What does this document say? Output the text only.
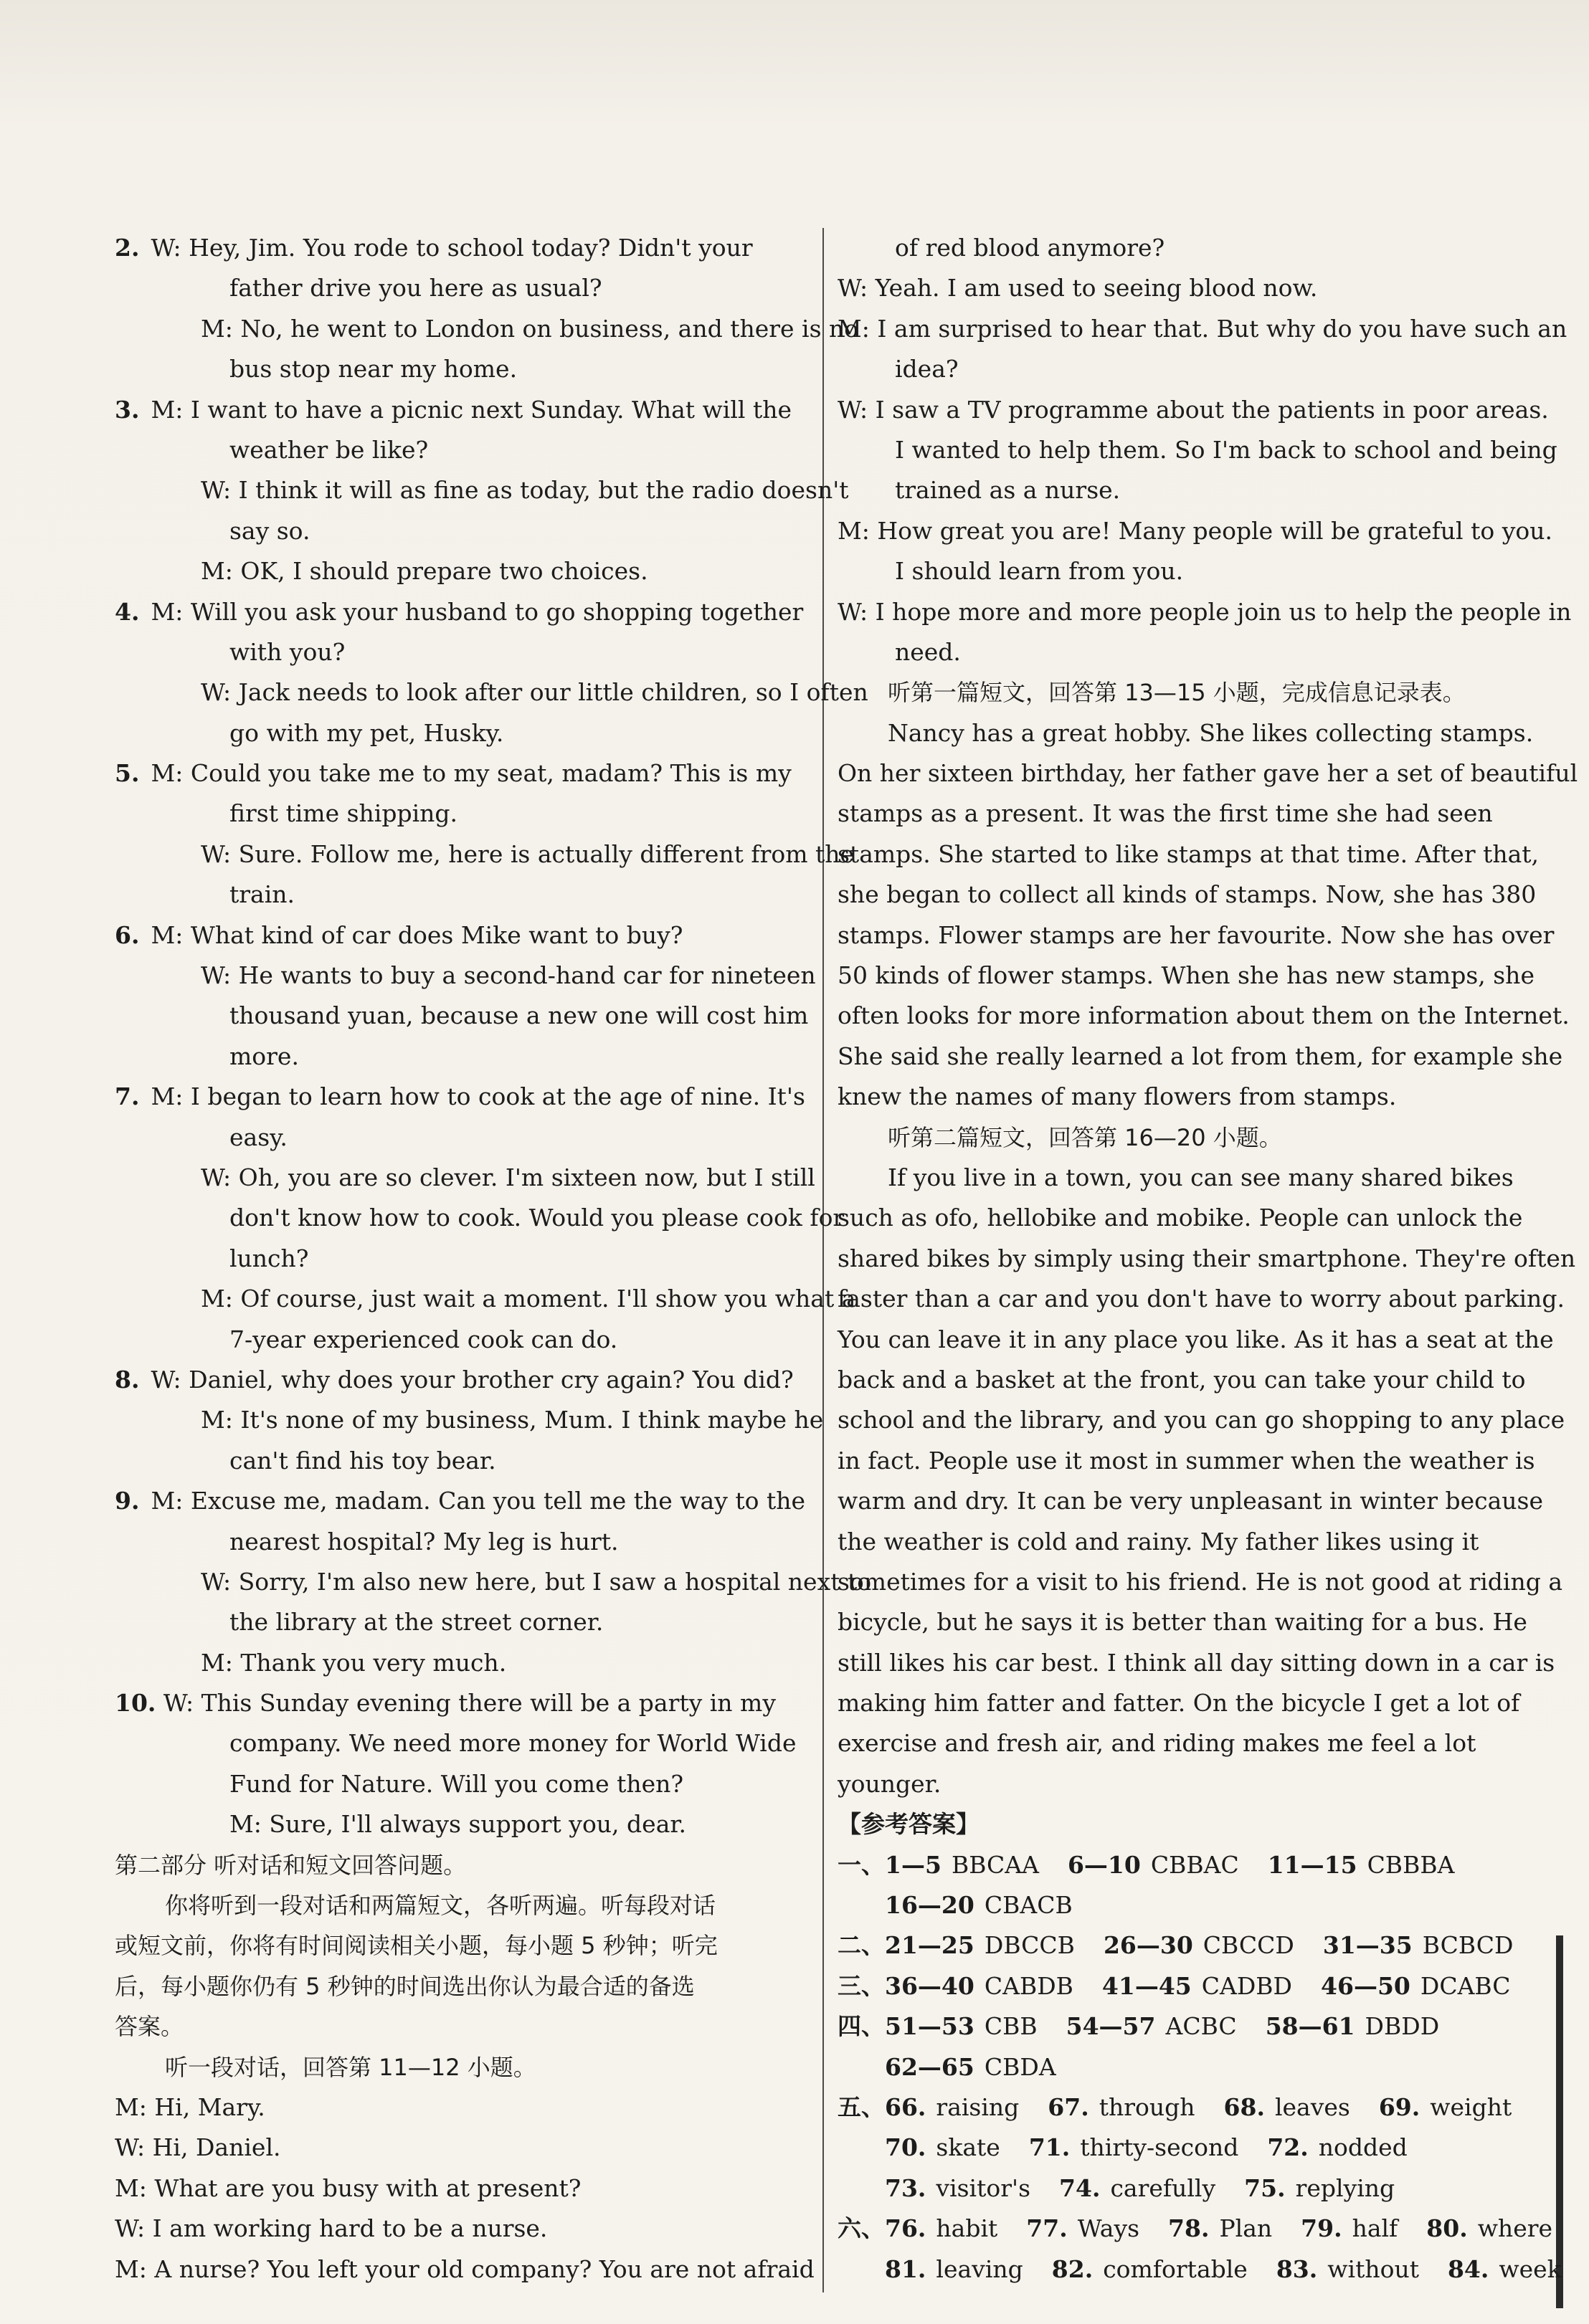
2. W: Hey, Jim. You rode to school today? Didn't your
father drive you here as usual?
M: No, he went to London on business, and there is no
bus stop near my home.
3. M: I want to have a picnic next Sunday. What will the
weather be like?
W: I think it will as fine as today, but the radio doesn't
say so.
M: OK, I should prepare two choices.
4. M: Will you ask your husband to go shopping together
with you?
W: Jack needs to look after our little children, so I often
go with my pet, Husky.
5. M: Could you take me to my seat, madam? This is my
first time shipping.
W: Sure. Follow me, here is actually different from the
train.
6. M: What kind of car does Mike want to buy?
W: He wants to buy a second-hand car for nineteen
thousand yuan, because a new one will cost him
more.
7. M: I began to learn how to cook at the age of nine. It's
easy.
W: Oh, you are so clever. I'm sixteen now, but I still
don't know how to cook. Would you please cook for
lunch?
M: Of course, just wait a moment. I'll show you what a
7-year experienced cook can do.
8. W: Daniel, why does your brother cry again? You did?
M: It's none of my business, Mum. I think maybe he
can't find his toy bear.
9. M: Excuse me, madam. Can you tell me the way to the
nearest hospital? My leg is hurt.
W: Sorry, I'm also new here, but I saw a hospital next to
the library at the street corner.
M: Thank you very much.
10. W: This Sunday evening there will be a party in my
company. We need more money for World Wide
Fund for Nature. Will you come then?
M: Sure, I'll always support you, dear.
第二部分 听对话和短文回答问题。
你将听到一段对话和两篇短文，各听两遍。听每段对话
或短文前，你将有时间阅读相关小题，每小题 5 秒钟；听完
后，每小题你仍有 5 秒钟的时间选出你认为最合适的备选
答案。
听一段对话，回答第 11—12 小题。
M: Hi, Mary.
W: Hi, Daniel.
M: What are you busy with at present?
W: I am working hard to be a nurse.
M: A nurse? You left your old company? You are not afraid
of red blood anymore?
W: Yeah. I am used to seeing blood now.
M: I am surprised to hear that. But why do you have such an
idea?
W: I saw a TV programme about the patients in poor areas.
I wanted to help them. So I'm back to school and being
trained as a nurse.
M: How great you are! Many people will be grateful to you.
I should learn from you.
W: I hope more and more people join us to help the people in
need.
听第一篇短文，回答第 13—15 小题，完成信息记录表。
Nancy has a great hobby. She likes collecting stamps.
On her sixteen birthday, her father gave her a set of beautiful
stamps as a present. It was the first time she had seen
stamps. She started to like stamps at that time. After that,
she began to collect all kinds of stamps. Now, she has 380
stamps. Flower stamps are her favourite. Now she has over
50 kinds of flower stamps. When she has new stamps, she
often looks for more information about them on the Internet.
She said she really learned a lot from them, for example she
knew the names of many flowers from stamps.
听第二篇短文，回答第 16—20 小题。
If you live in a town, you can see many shared bikes
such as ofo, hellobike and mobike. People can unlock the
shared bikes by simply using their smartphone. They're often
faster than a car and you don't have to worry about parking.
You can leave it in any place you like. As it has a seat at the
back and a basket at the front, you can take your child to
school and the library, and you can go shopping to any place
in fact. People use it most in summer when the weather is
warm and dry. It can be very unpleasant in winter because
the weather is cold and rainy. My father likes using it
sometimes for a visit to his friend. He is not good at riding a
bicycle, but he says it is better than waiting for a bus. He
still likes his car best. I think all day sitting down in a car is
making him fatter and fatter. On the bicycle I get a lot of
exercise and fresh air, and riding makes me feel a lot
younger.
【参考答案】
一、1—5 BBCAA 6—10 CBBAC 11—15 CBBBA
16—20 CBACB
二、21—25 DBCCB 26—30 CBCCD 31—35 BCBCD
三、36—40 CABDB 41—45 CADBD 46—50 DCABC
四、51—53 CBB 54—57 ACBC 58—61 DBDD
62—65 CBDA
五、66. raising 67. through 68. leaves 69. weight
70. skate 71. thirty-second 72. nodded
73. visitor's 74. carefully 75. replying
六、76. habit 77. Ways 78. Plan 79. half 80. where
81. leaving 82. comfortable 83. without 84. week
